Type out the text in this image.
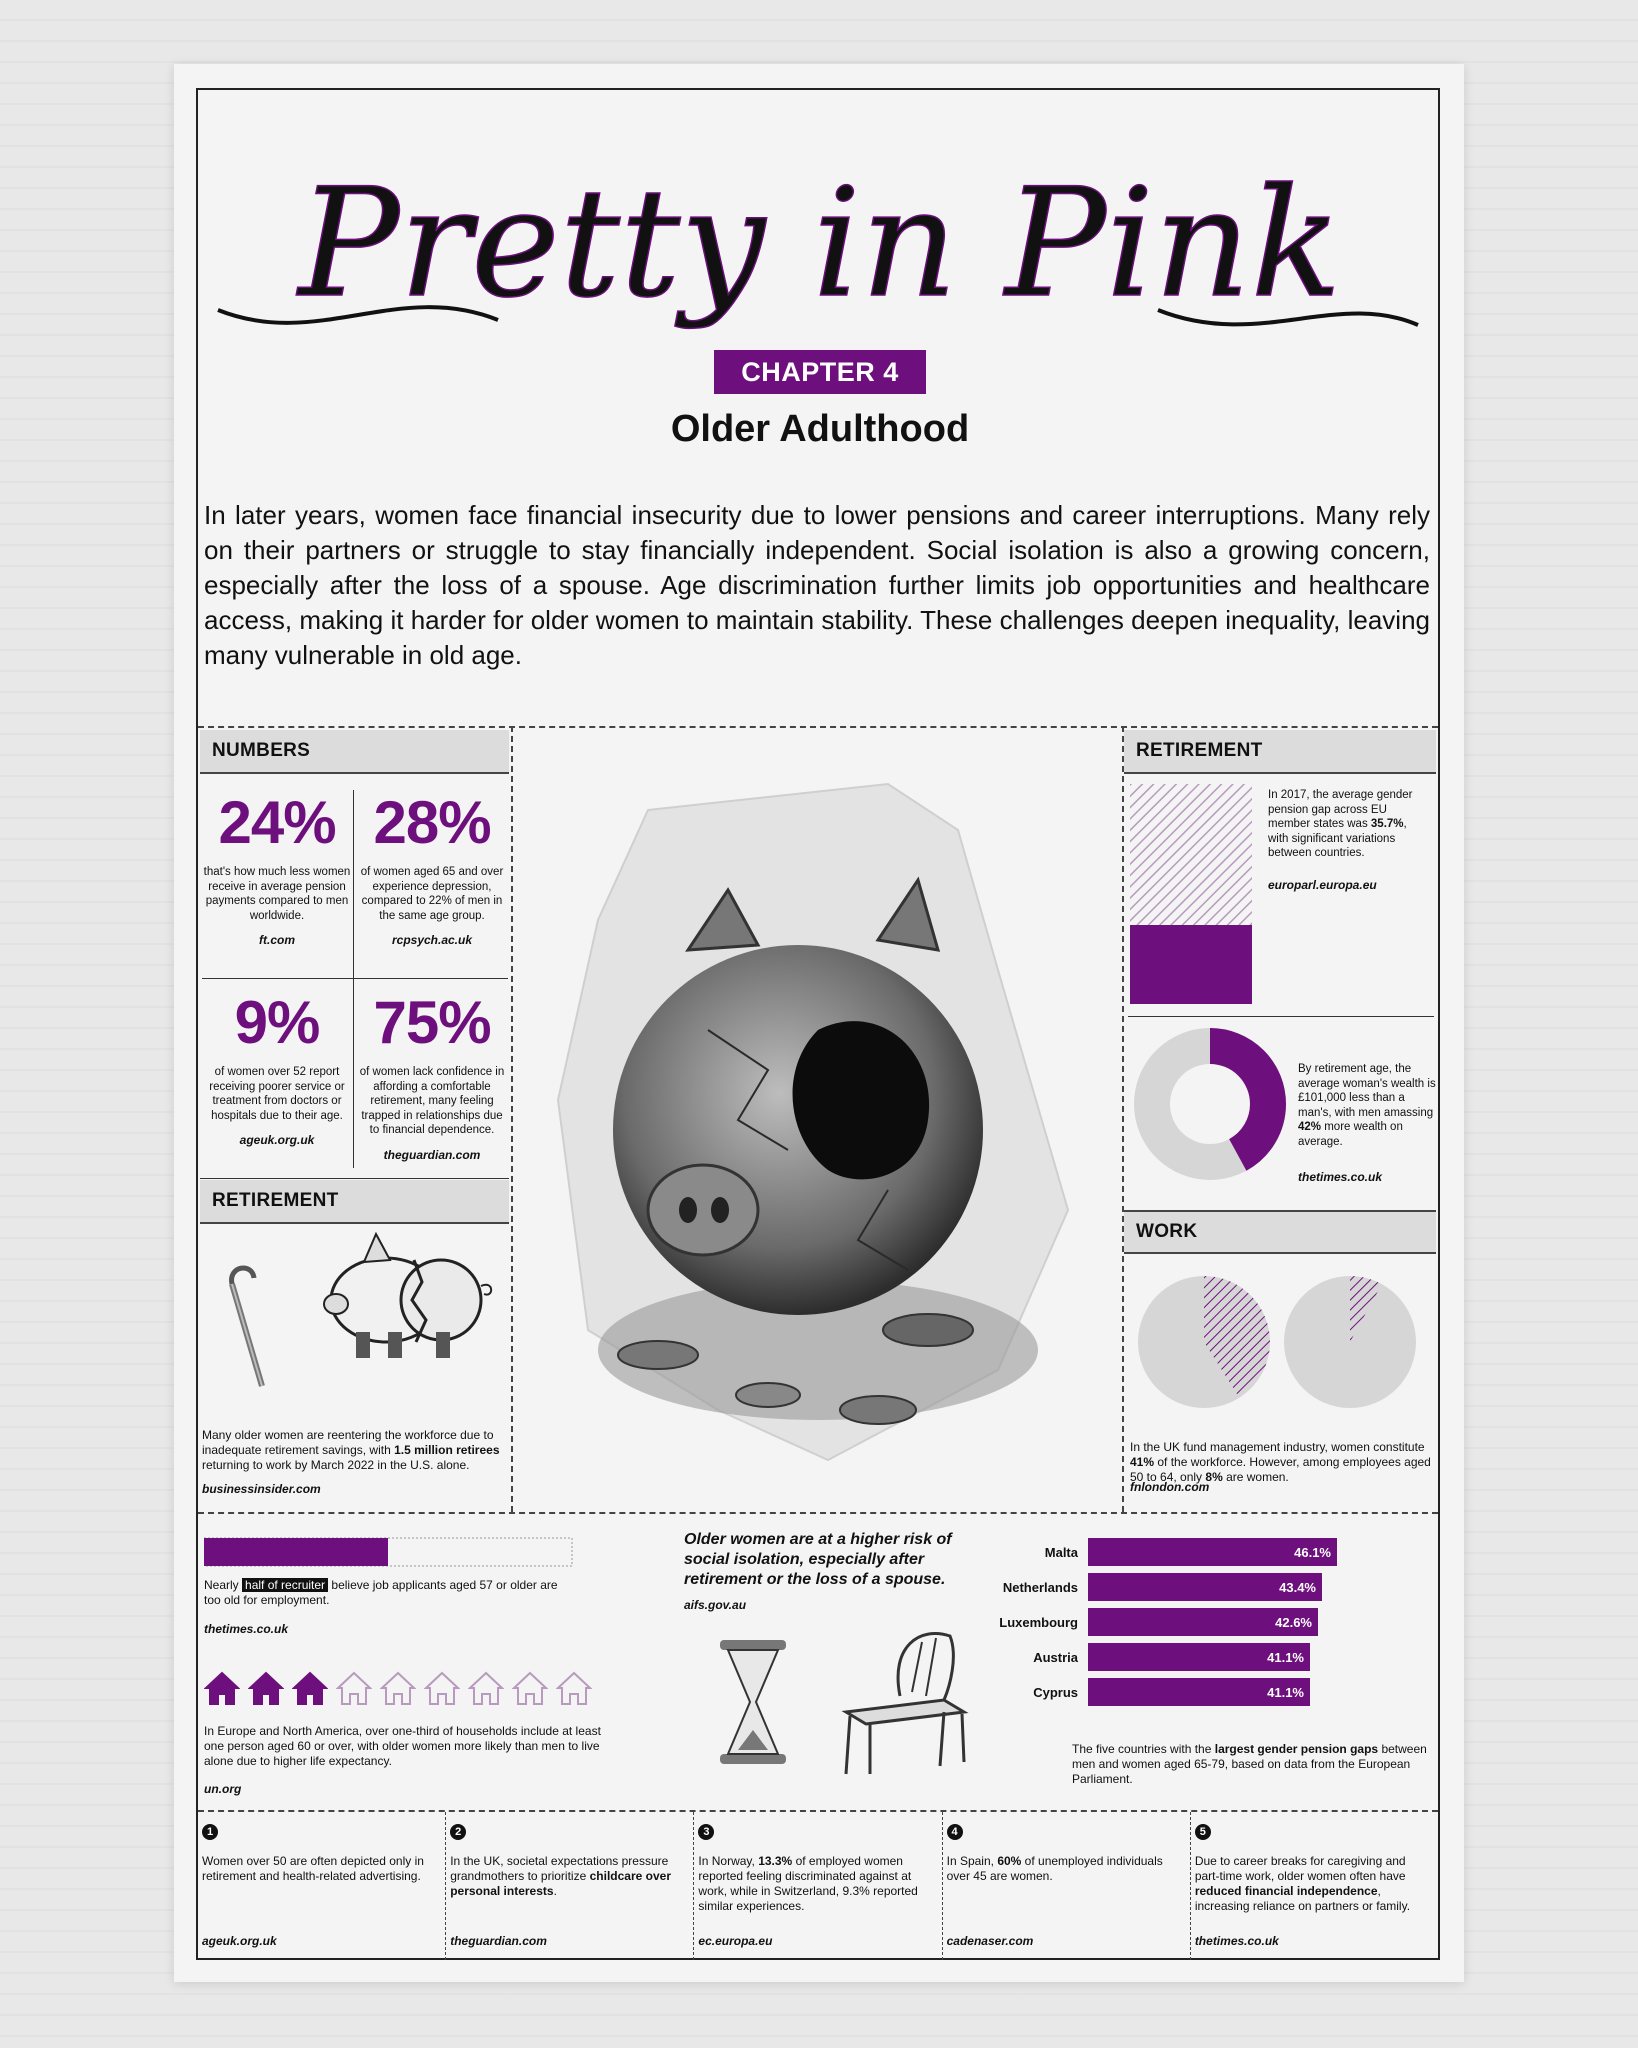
Pretty in Pink
CHAPTER 4
Older Adulthood
In later years, women face financial insecurity due to lower pensions and career interruptions. Many rely on their partners or struggle to stay financially independent. Social isolation is also a growing concern, especially after the loss of a spouse. Age discrimination further limits job opportunities and healthcare access, making it harder for older women to maintain stability. These challenges deepen inequality, leaving many vulnerable in old age.
NUMBERS
24%
that's how much less women receive in average pension payments compared to men worldwide.
ft.com
28%
of women aged 65 and over experience depression, compared to 22% of men in the same age group.
rcpsych.ac.uk
9%
of women over 52 report receiving poorer service or treatment from doctors or hospitals due to their age.
ageuk.org.uk
75%
of women lack confidence in affording a comfortable retirement, many feeling trapped in relationships due to financial dependence.
theguardian.com
RETIREMENT
Many older women are reentering the workforce due to inadequate retirement savings, with 1.5 million retirees returning to work by March 2022 in the U.S. alone.
businessinsider.com
RETIREMENT
In 2017, the average gender pension gap across EU member states was 35.7%, with significant variations between countries.
europarl.europa.eu
By retirement age, the average woman's wealth is £101,000 less than a man's, with men amassing 42% more wealth on average.
thetimes.co.uk
WORK
In the UK fund management industry, women constitute 41% of the workforce. However, among employees aged 50 to 64, only 8% are women.
fnlondon.com
Nearly half of recruiter believe job applicants aged 57 or older are too old for employment.
thetimes.co.uk
In Europe and North America, over one-third of households include at least one person aged 60 or over, with older women more likely than men to live alone due to higher life expectancy.
un.org
Older women are at a higher risk of social isolation, especially after retirement or the loss of a spouse.
aifs.gov.au
Malta	46.1%
Netherlands	43.4%
Luxembourg	42.6%
Austria	41.1%
Cyprus	41.1%
The five countries with the largest gender pension gaps between men and women aged 65-79, based on data from the European Parliament.
1
Women over 50 are often depicted only in retirement and health-related advertising.
ageuk.org.uk
2
In the UK, societal expectations pressure grandmothers to prioritize childcare over personal interests.
theguardian.com
3
In Norway, 13.3% of employed women reported feeling discriminated against at work, while in Switzerland, 9.3% reported similar experiences.
ec.europa.eu
4
In Spain, 60% of unemployed individuals over 45 are women.
cadenaser.com
5
Due to career breaks for caregiving and part-time work, older women often have reduced financial independence, increasing reliance on partners or family.
thetimes.co.uk
